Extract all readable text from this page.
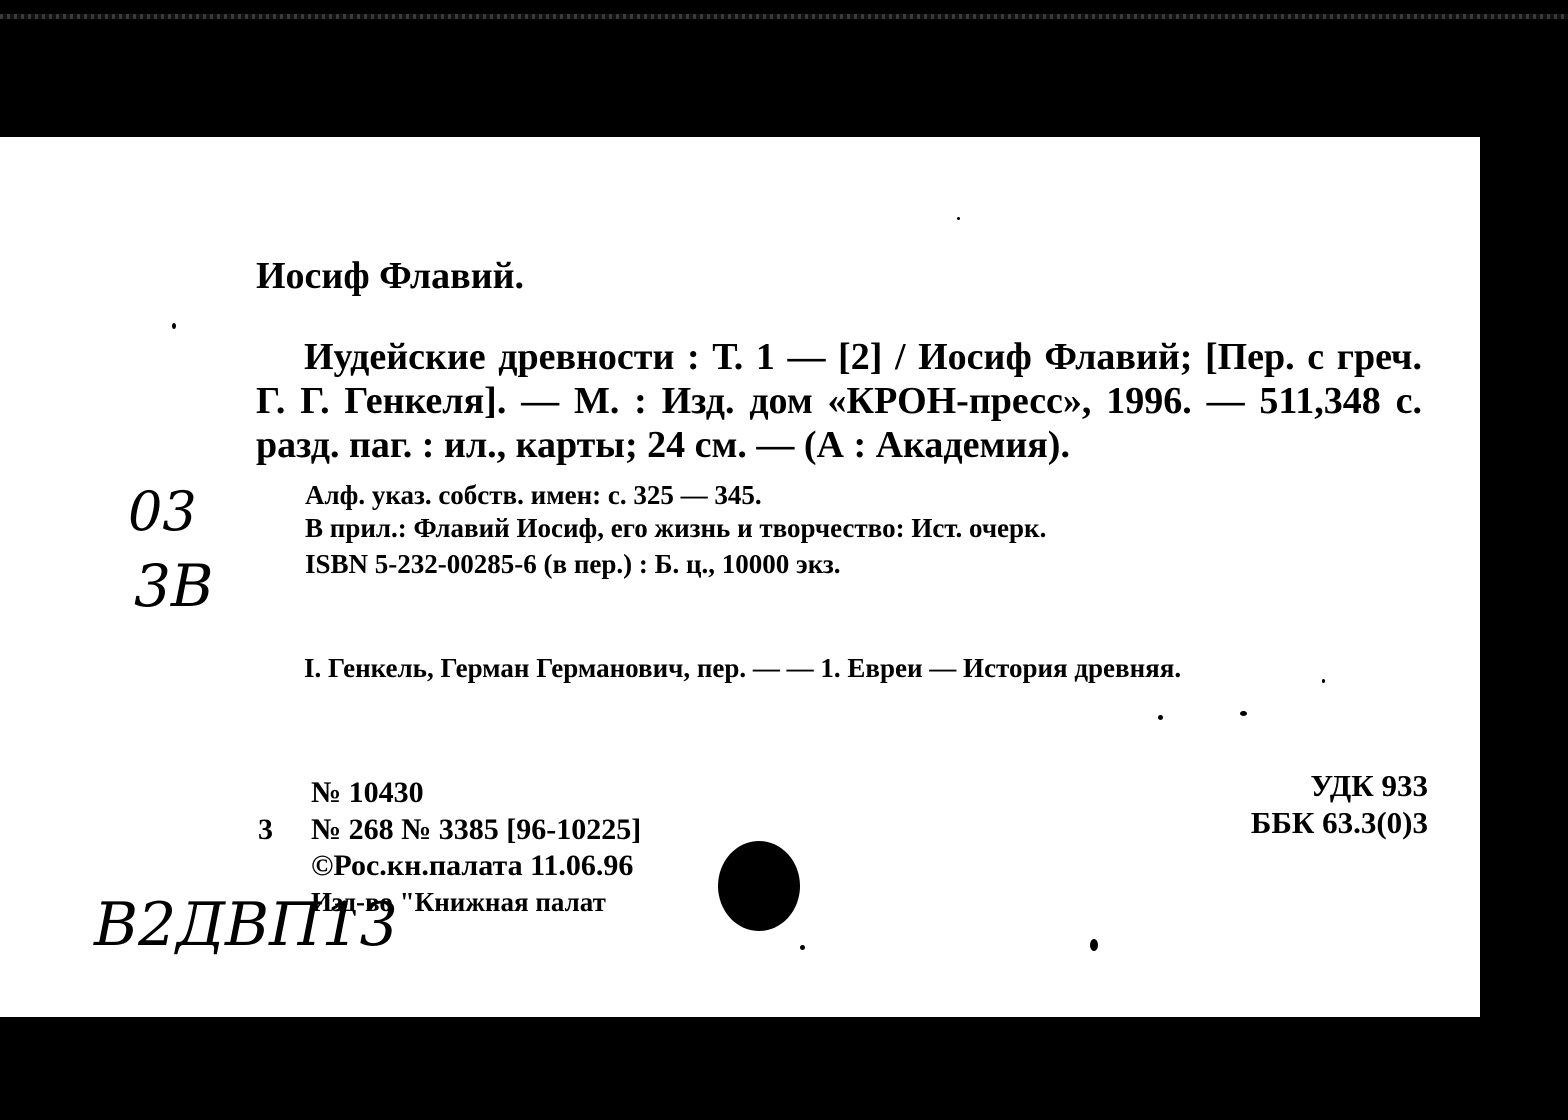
Иосиф Флавий.

Иудейские древности : Т. 1 — [2] / Иосиф Флавий; [Пер. с греч. Г. Г. Генкеля]. — М. : Изд. дом «КРОН-пресс», 1996. — 511,348 с. разд. паг. : ил., карты; 24 см. — (А : Академия).

Алф. указ. собств. имен: с. 325 — 345.

В прил.: Флавий Иосиф, его жизнь и творчество: Ист. очерк.

ISBN 5-232-00285-6 (в пер.) : Б. ц., 10000 экз.

I. Генкель, Герман Германович, пер. — — 1. Евреи — История древняя.

3

№ 10430

№ 268 № 3385 [96-10225]

©Рос.кн.палата 11.06.96

Изд-во "Книжная палат

УДК 933

ББК 63.3(0)3

03

3B

B2ДBП13
